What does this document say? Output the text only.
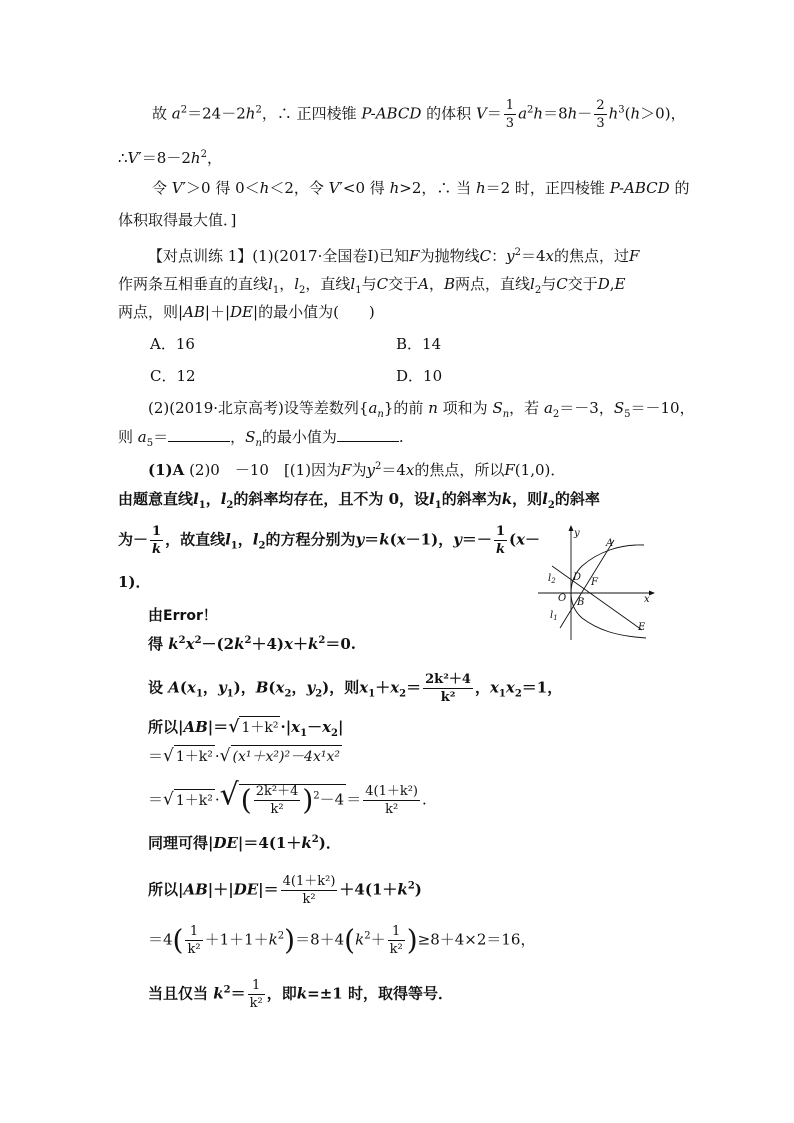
故 $a^2=24-2h^2$，∴ 正四棱锥 P-ABCD 的体积 $V= \frac{1}{3} a^2h=8h- \frac{2}{3} h^3(h>0)$，
$\therefore V'=8-2h^2$，
令 V′＞0 得 0＜h＜2，令 V′<0 得 h>2，∴ 当 h＝2 时，正四棱锥 P-ABCD 的
体积取得最大值．]
【对点训练 1】(1)(2017·全国卷Ⅰ)已知F为抛物线C：$y^2=4x$的焦点，过F
作两条互相垂直的直线$l_1$，$l_2$，直线$l_1$与C交于A，B两点，直线$l_2$与C交于D,E
两点，则|AB|＋|DE|的最小值为(　　)
A．16	B．14
C．12	D．10
(2)(2019·北京高考)设等差数列$\{a_n\}$的前 n 项和为 $S_n$，若 $a_2=-3$，$S_5=-10$，
则 $a_5=$	，$S_n$的最小值为	.
(1)A (2)0　－10　[(1)因为F为$y^2=4x$的焦点，所以F(1,0)．
由题意直线$l_1$，$l_2$的斜率均存在，且不为 0，设$l_1$的斜率为k，则$l_2$的斜率
为－ $\frac{1}{k}$ ，故直线$l_1$，$l_2$的方程分别为y＝k(x－1)，$y=- \frac{1}{k} (x-$
1)．
由Error！
得 $k^2x^2-(2k^2+4)x+k^2=0$.
设 $A(x_1$，$y_1$)，$B(x_2$，$y_2$)，则$x_1+x_2= \frac{\text{2k²＋4}}{\text{k²}}$ ，$x_1x_2=1$，
所以|AB|＝√ $1+k^2 \cdot|x_1-x_2|$
＝√ 1＋k² ·√ (x¹＋x²)²－4x¹x²
＝√ 1＋k² ·√( $\frac{\text{2k²＋4}}{\text{k²}} )^2-4 = \frac{\text{4(1＋k²)}}{\text{k²}}$ .
同理可得$|DE|=4(1+k^2)$．
所以$|AB|+|DE|= \frac{\text{4(1＋k²)}}{\text{k²}} +4(1+k^2)$
$=4( \frac{1}{\text{k²}} +1+1+k^2)=8+4(k^2+ \frac{1}{\text{k²}} )\ge 8+4\times 2=16$，
当且仅当 $k^2= \frac{1}{\text{k²}}$ ，即k=±1 时，取得等号．
y
x
A
D F
O B
E
$l_2$
$l_1$
